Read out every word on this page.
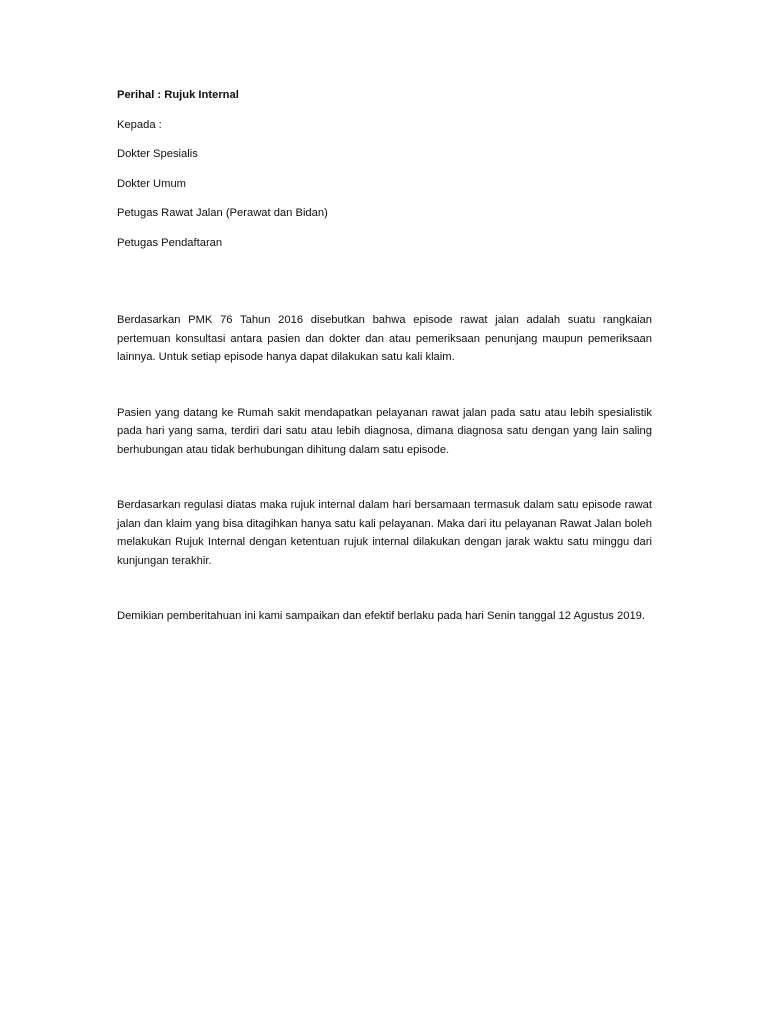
Perihal : Rujuk Internal

Kepada :

Dokter Spesialis

Dokter Umum

Petugas Rawat Jalan (Perawat dan Bidan)

Petugas Pendaftaran

Berdasarkan PMK 76 Tahun 2016 disebutkan bahwa episode rawat jalan adalah suatu rangkaian pertemuan konsultasi antara pasien dan dokter dan atau pemeriksaan penunjang maupun pemeriksaan lainnya. Untuk setiap episode hanya dapat dilakukan satu kali klaim.

Pasien yang datang ke Rumah sakit mendapatkan pelayanan rawat jalan pada satu atau lebih spesialistik pada hari yang sama, terdiri dari satu atau lebih diagnosa, dimana diagnosa satu dengan yang lain saling berhubungan atau tidak berhubungan dihitung dalam satu episode.

Berdasarkan regulasi diatas maka rujuk internal dalam hari bersamaan termasuk dalam satu episode rawat jalan dan klaim yang bisa ditagihkan hanya satu kali pelayanan. Maka dari itu pelayanan Rawat Jalan boleh melakukan Rujuk Internal dengan ketentuan rujuk internal dilakukan dengan jarak waktu satu minggu dari kunjungan terakhir.

Demikian pemberitahuan ini kami sampaikan dan efektif berlaku pada hari Senin tanggal 12 Agustus 2019.
